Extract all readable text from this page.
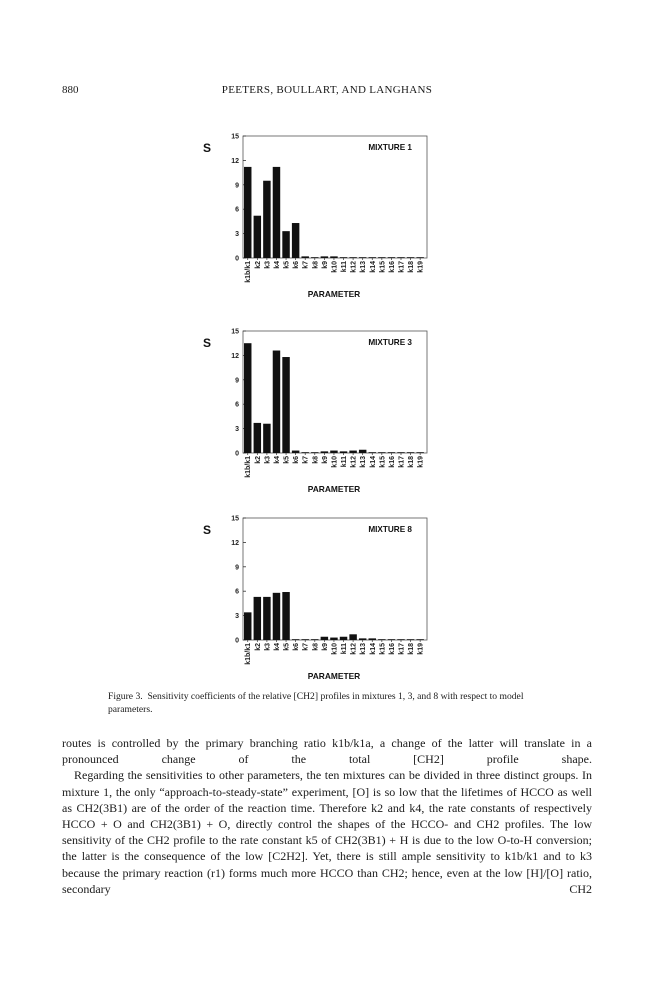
880	PEETERS, BOULLART, AND LANGHANS
0
3
6
9
12
15
S	MIXTURE 1
k1b/k1 k2 k3 k4 k5 k6 k7 k8 k9 k10 k11 k12 k13 k14 k15 k16 k17 k18 k19
PARAMETER
0
3
6
9
12
15
S	MIXTURE 3
k1b/k1 k2 k3 k4 k5 k6 k7 k8 k9 k10 k11 k12 k13 k14 k15 k16 k17 k18 k19
PARAMETER
0
3
6
9
12
15
S	MIXTURE 8
k1b/k1 k2 k3 k4 k5 k6 k7 k8 k9 k10 k11 k12 k13 k14 k15 k16 k17 k18 k19
PARAMETER
Figure 3. Sensitivity coefficients of the relative [CH2] profiles in mixtures 1, 3, and 8 with respect to model parameters.

routes is controlled by the primary branching ratio k1b/k1a, a change of the latter will translate in a pronounced change of the total [CH2] profile shape.

Regarding the sensitivities to other parameters, the ten mixtures can be divided in three distinct groups. In mixture 1, the only “approach-to-steady-state” experiment, [O] is so low that the lifetimes of HCCO as well as CH2(3B1) are of the order of the reaction time. Therefore k2 and k4, the rate constants of respectively HCCO + O and CH2(3B1) + O, directly control the shapes of the HCCO- and CH2 profiles. The low sensitivity of the CH2 profile to the rate constant k5 of CH2(3B1) + H is due to the low O-to-H conversion; the latter is the consequence of the low [C2H2]. Yet, there is still ample sensitivity to k1b/k1 and to k3 because the primary reaction (r1) forms much more HCCO than CH2; hence, even at the low [H]/[O] ratio, secondary CH2
